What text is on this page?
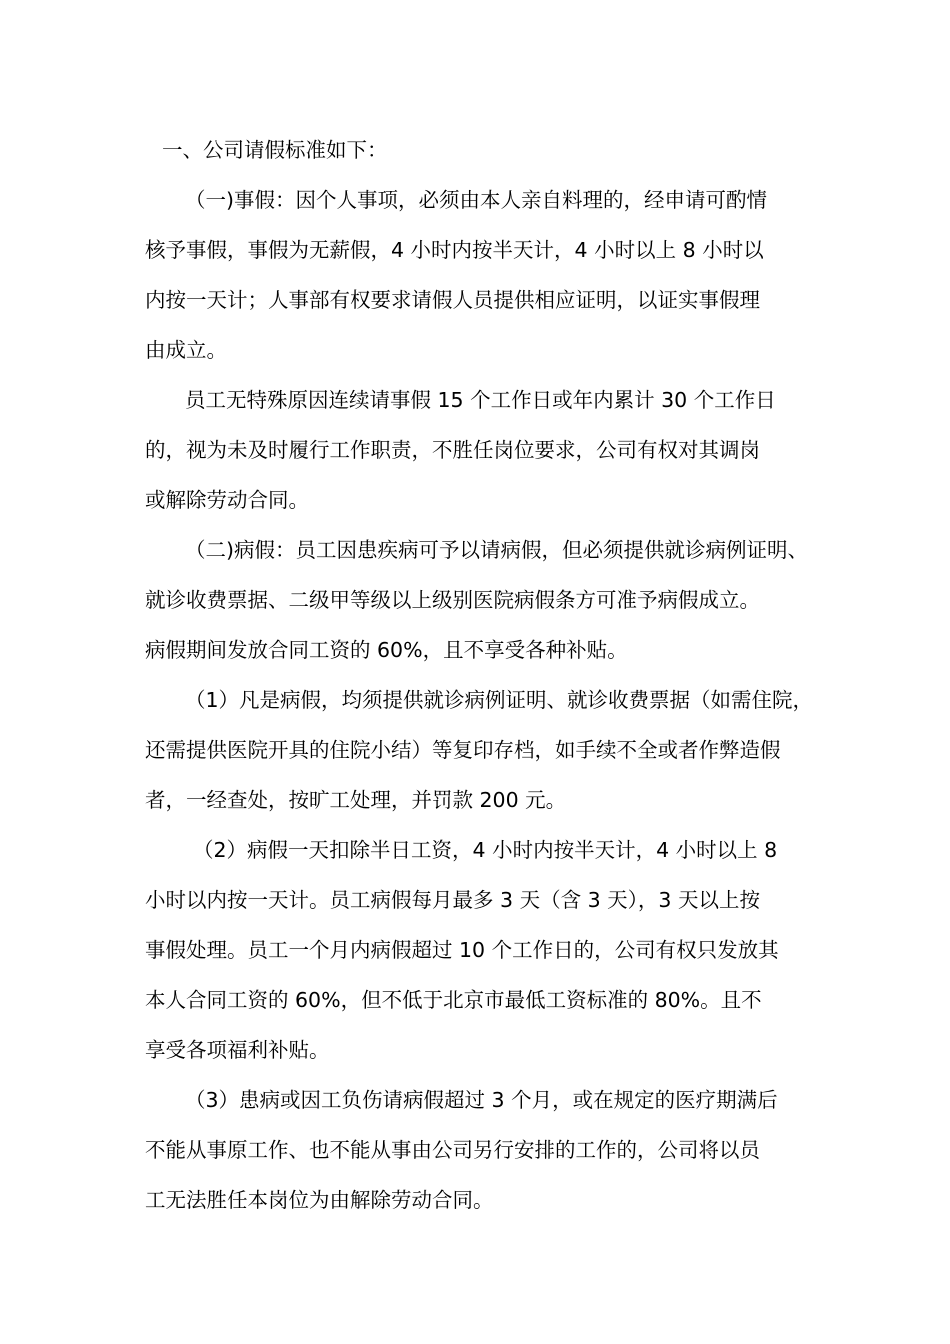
一、公司请假标准如下：
（一)事假：因个人事项，必须由本人亲自料理的，经申请可酌情
核予事假，事假为无薪假，4 小时内按半天计，4 小时以上 8 小时以
内按一天计；人事部有权要求请假人员提供相应证明，以证实事假理
由成立。
员工无特殊原因连续请事假 15 个工作日或年内累计 30 个工作日
的，视为未及时履行工作职责，不胜任岗位要求，公司有权对其调岗
或解除劳动合同。
（二)病假：员工因患疾病可予以请病假，但必须提供就诊病例证明、
就诊收费票据、二级甲等级以上级别医院病假条方可准予病假成立。
病假期间发放合同工资的 60%，且不享受各种补贴。
（1）凡是病假，均须提供就诊病例证明、就诊收费票据（如需住院，
还需提供医院开具的住院小结）等复印存档，如手续不全或者作弊造假
者，一经查处，按旷工处理，并罚款 200 元。
（2）病假一天扣除半日工资，4 小时内按半天计，4 小时以上 8
小时以内按一天计。员工病假每月最多 3 天（含 3 天），3 天以上按
事假处理。员工一个月内病假超过 10 个工作日的，公司有权只发放其
本人合同工资的 60%，但不低于北京市最低工资标准的 80%。且不
享受各项福利补贴。
（3）患病或因工负伤请病假超过 3 个月，或在规定的医疗期满后
不能从事原工作、也不能从事由公司另行安排的工作的，公司将以员
工无法胜任本岗位为由解除劳动合同。
